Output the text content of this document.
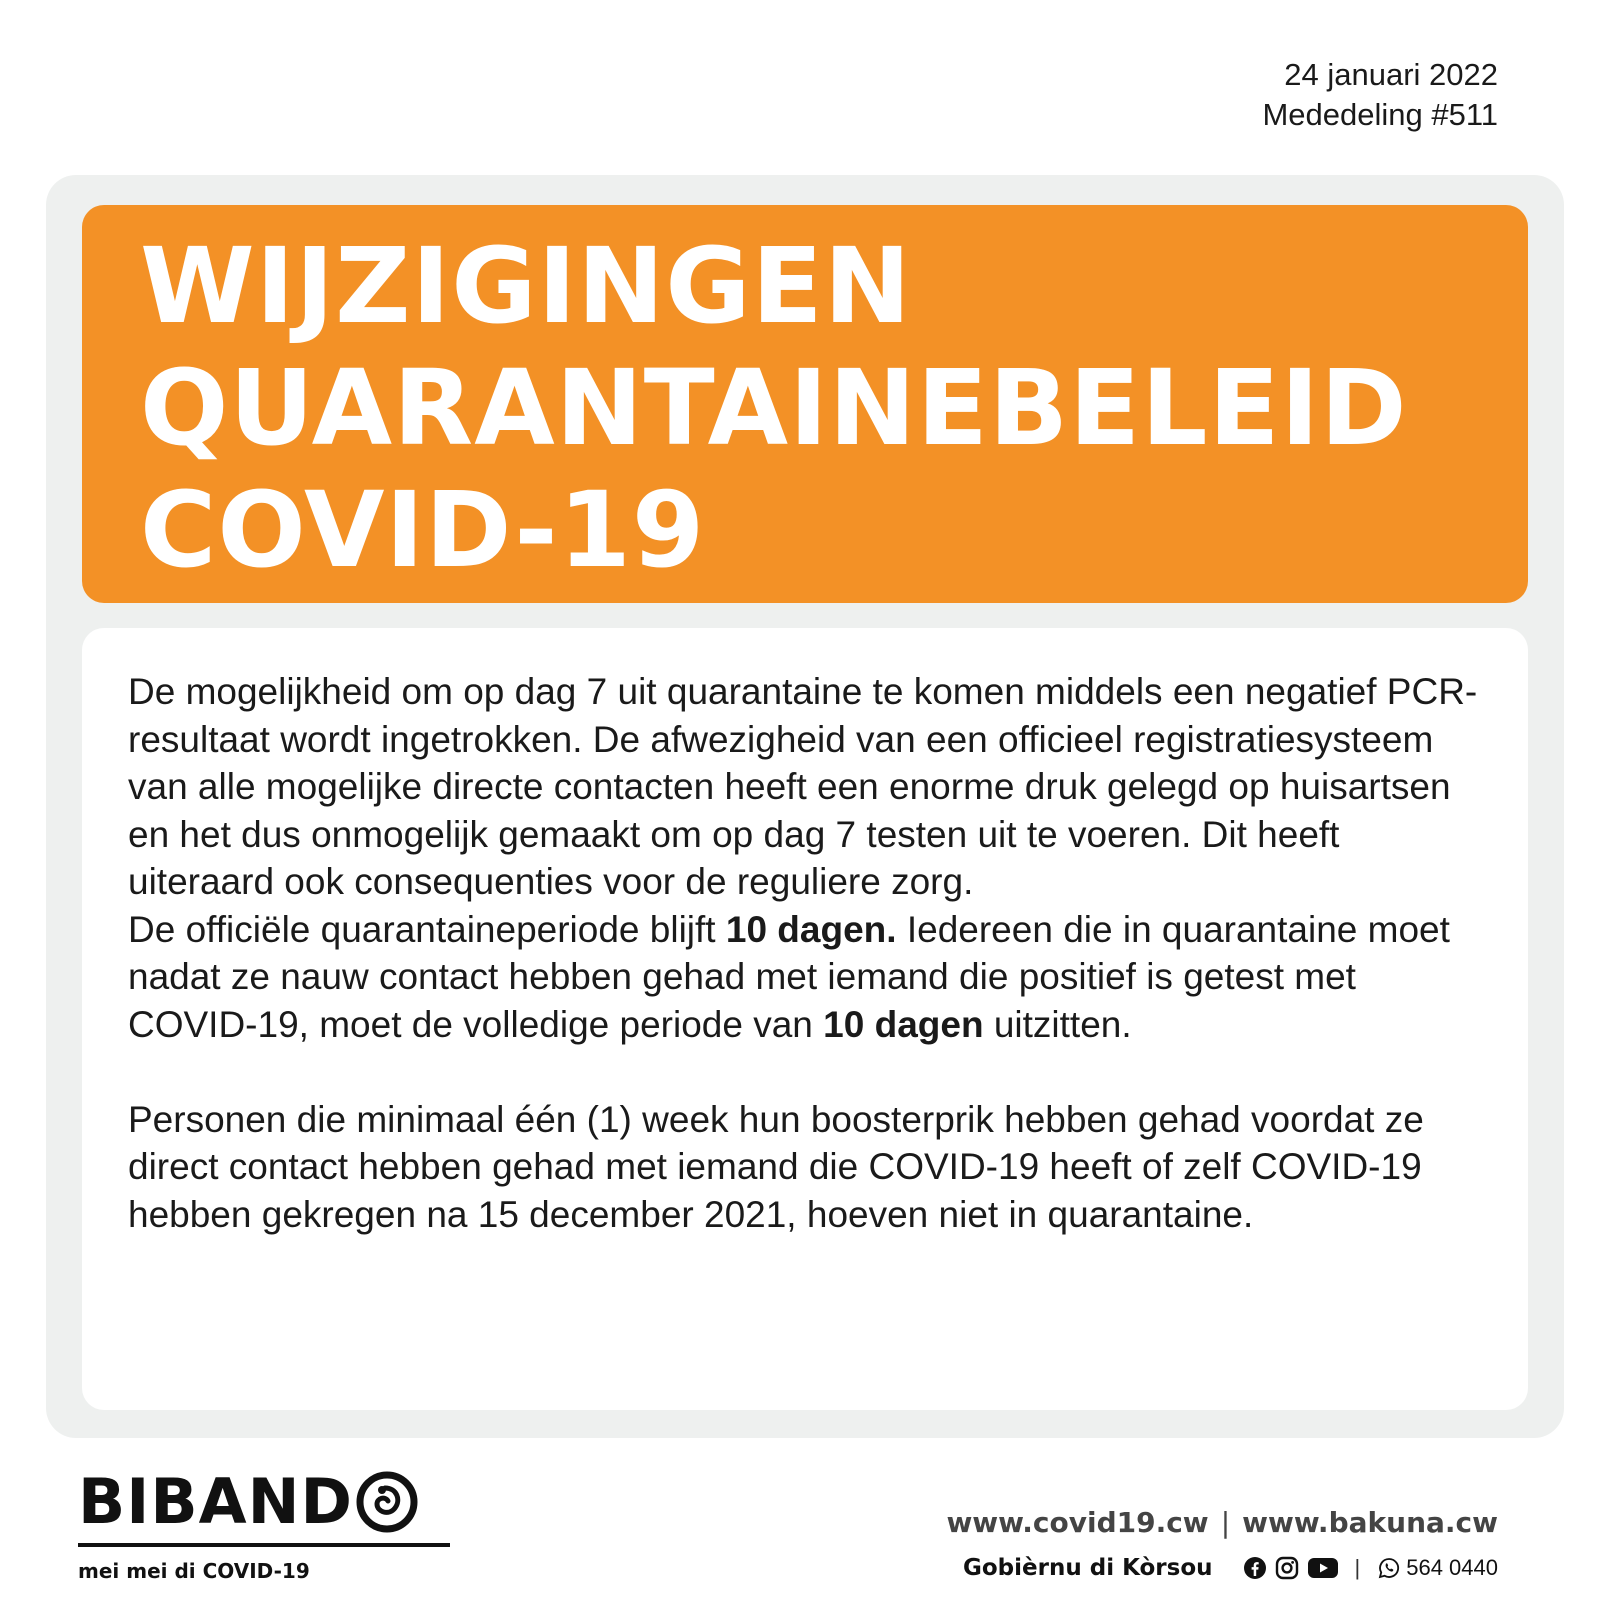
24 januari 2022
Mededeling #511
WIJZIGINGEN
QUARANTAINEBELEID
COVID-19

De mogelijkheid om op dag 7 uit quarantaine te komen middels een negatief PCR-resultaat wordt ingetrokken. De afwezigheid van een officieel registratiesysteem van alle mogelijke directe contacten heeft een enorme druk gelegd op huisartsen en het dus onmogelijk gemaakt om op dag 7 testen uit te voeren. Dit heeft uiteraard ook consequenties voor de reguliere zorg.

De officiële quarantaineperiode blijft 10 dagen. Iedereen die in quarantaine moet nadat ze nauw contact hebben gehad met iemand die positief is getest met COVID-19, moet de volledige periode van 10 dagen uitzitten.

Personen die minimaal één (1) week hun boosterprik hebben gehad voordat ze direct contact hebben gehad met iemand die COVID-19 heeft of zelf COVID-19 hebben gekregen na 15 december 2021, hoeven niet in quarantaine.

BIBAND
mei mei di COVID-19
www.covid19.cw | www.bakuna.cw
Gobièrnu di Kòrsou	| 564 0440
